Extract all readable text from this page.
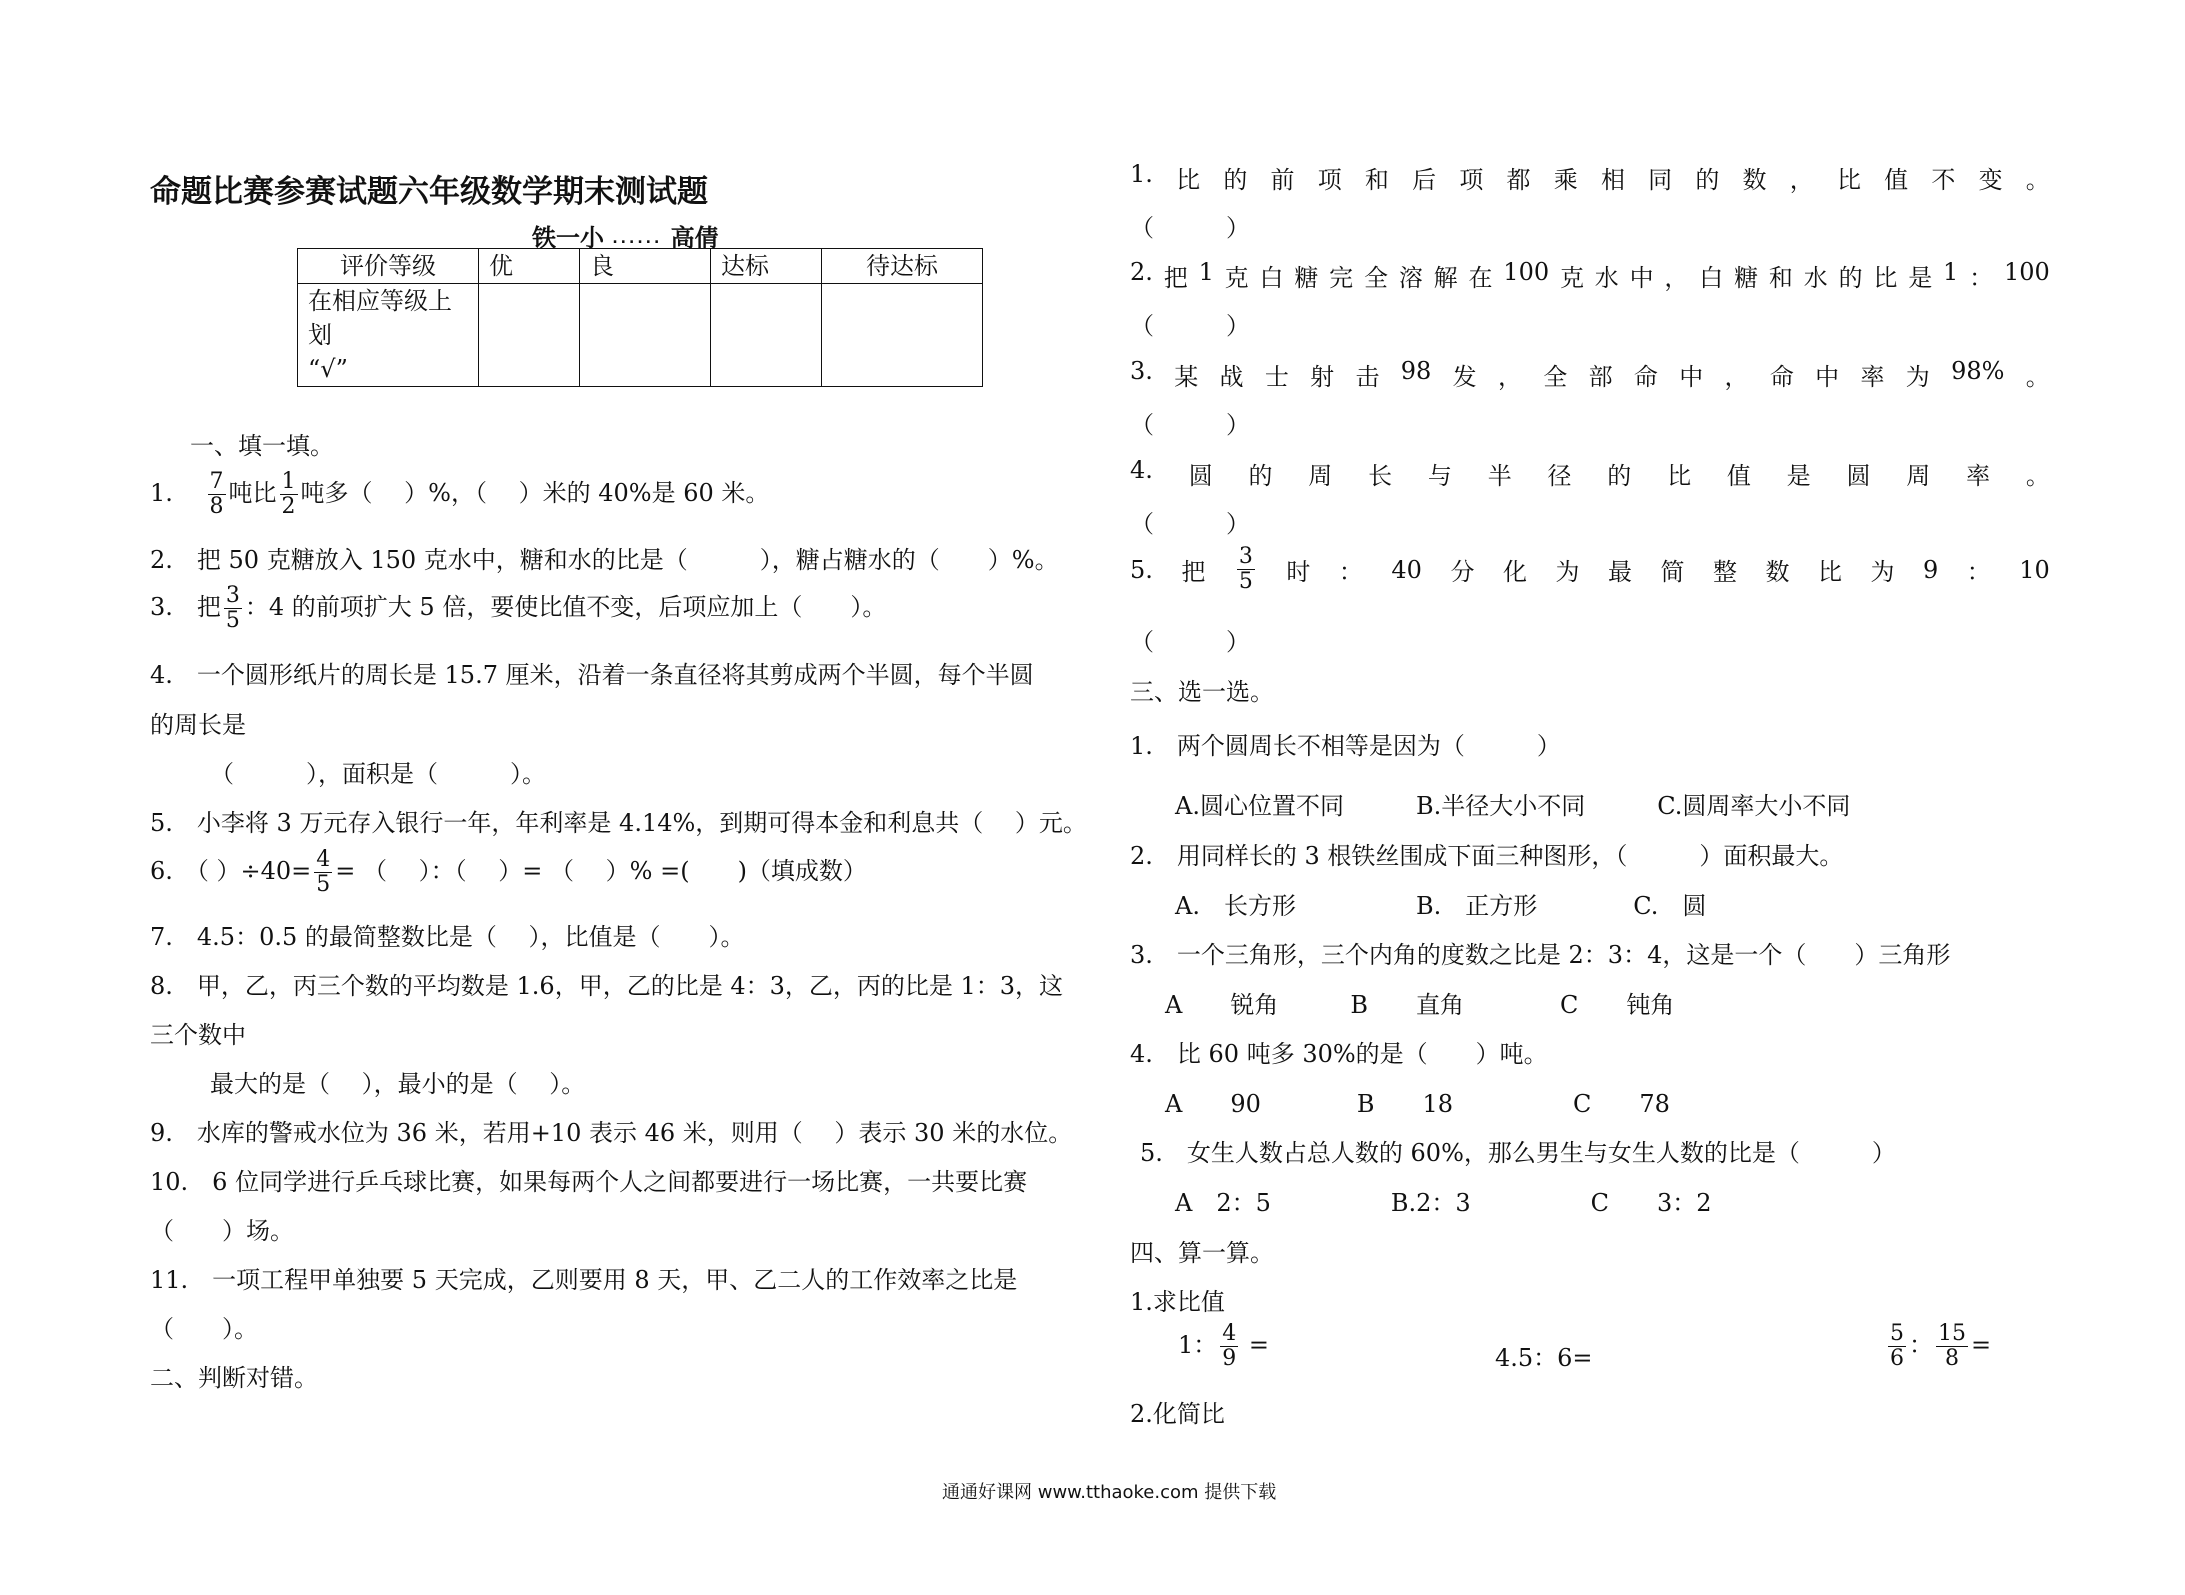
命题比赛参赛试题六年级数学期末测试题
铁一小 ...... 高倩
评价等级	优	良	达标	待达标

在相应等级上
划
“√”				

一、填一填。
1.　 $\frac{7}{8}$ 吨比 $\frac{1}{2}$ 吨多（　 ）%，（　 ）米的 40%是 60 米。
2.　把 50 克糖放入 150 克水中，糖和水的比是（　　　），糖占糖水的（　　）%。
3.　把 $\frac{3}{5}$ ：4 的前项扩大 5 倍，要使比值不变，后项应加上（　　）。
4.　一个圆形纸片的周长是 15.7 厘米，沿着一条直径将其剪成两个半圆，每个半圆
的周长是
（　　　），面积是（　　　）。
5.　小李将 3 万元存入银行一年，年利率是 4.14%，到期可得本金和利息共（　 ）元。
6.　（ ）$\div 40= \frac{4}{5}$ = （　 ）：（　 ）= （　 ）% =(　　)（填成数）
7.　4.5：0.5 的最简整数比是（　 ），比值是（　　）。
8.　甲，乙，丙三个数的平均数是 1.6，甲，乙的比是 4：3，乙，丙的比是 1：3，这
三个数中
最大的是（　 ），最小的是（　 ）。
9.　水库的警戒水位为 36 米，若用+10 表示 46 米，则用（　 ）表示 30 米的水位。
10.　6 位同学进行乒乓球比赛，如果每两个人之间都要进行一场比赛，一共要比赛
（　　）场。
11.　一项工程甲单独要 5 天完成，乙则要用 8 天，甲、乙二人的工作效率之比是
（　　）。
二、判断对错。
1. 比 的 前 项 和 后 项 都 乘 相 同 的 数 ， 比 值 不 变 。
（　　　）
2. 把 1 克 白 糖 完 全 溶 解 在 100 克 水 中 ， 白 糖 和 水 的 比 是 1 ： 100
（　　　）
3. 某 战 士 射 击 98 发 ， 全 部 命 中 ， 命 中 率 为 98% 。
（　　　）
4. 圆 的 周 长 与 半 径 的 比 值 是 圆 周 率 。
（　　　）
5. 把 $\frac{3}{5}$ 时 ： 40 分 化 为 最 简 整 数 比 为 9 ： 10
（　　　）
三、选一选。
1.　两个圆周长不相等是因为（　　　）
A.圆心位置不同　　　B.半径大小不同　　　C.圆周率大小不同
2.　用同样长的 3 根铁丝围成下面三种图形，（　　　）面积最大。
A.　长方形　　　　　B.　正方形　　　　C.　圆
3.　一个三角形，三个内角的度数之比是 2：3：4，这是一个（　　）三角形
A　　锐角　　　B　　直角　　　　C　　钝角
4.　比 60 吨多 30%的是（　　）吨。
A　　90　　　　B　　18　　　　　C　　78
5.　女生人数占总人数的 60%，那么男生与女生人数的比是（　　　）
A　2：5　　　　　B.2：3　　　　　C　　3：2
四、算一算。
1.求比值
1： $\frac{4}{9}$ =	4.5：6=	$\frac{5}{6}$ ： $\frac{15}{8}$ =
2.化简比
通通好课网 www.tthaoke.com 提供下载
